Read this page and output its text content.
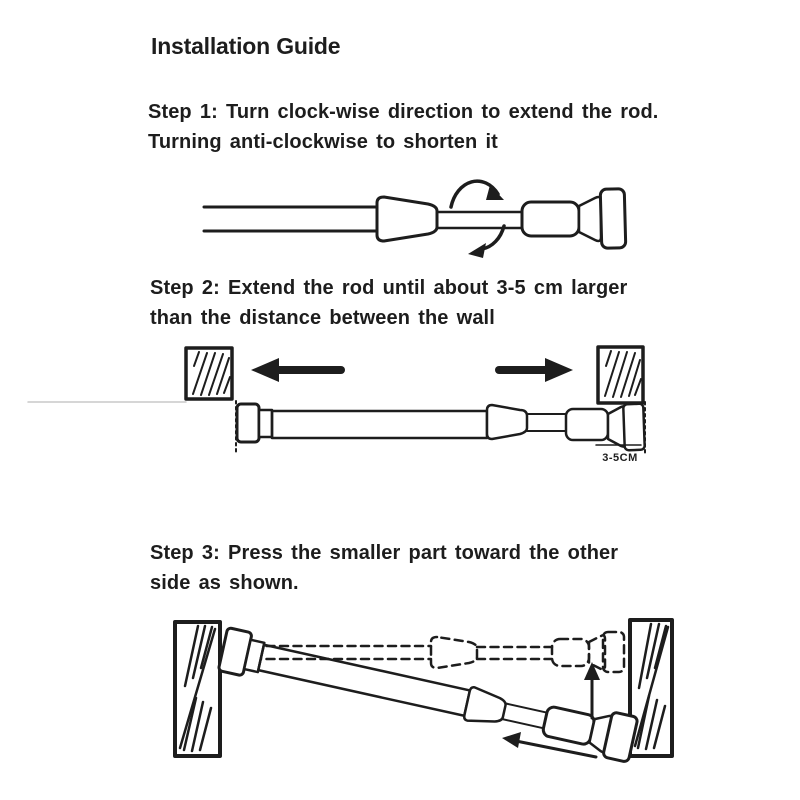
Installation Guide
Step 1: Turn clock-wise direction to extend the rod.
Turning anti-clockwise to shorten it
Step 2: Extend the rod until about 3-5 cm larger
than the distance between the wall
Step 3: Press the smaller part toward the other
side as shown.
3-5CM
